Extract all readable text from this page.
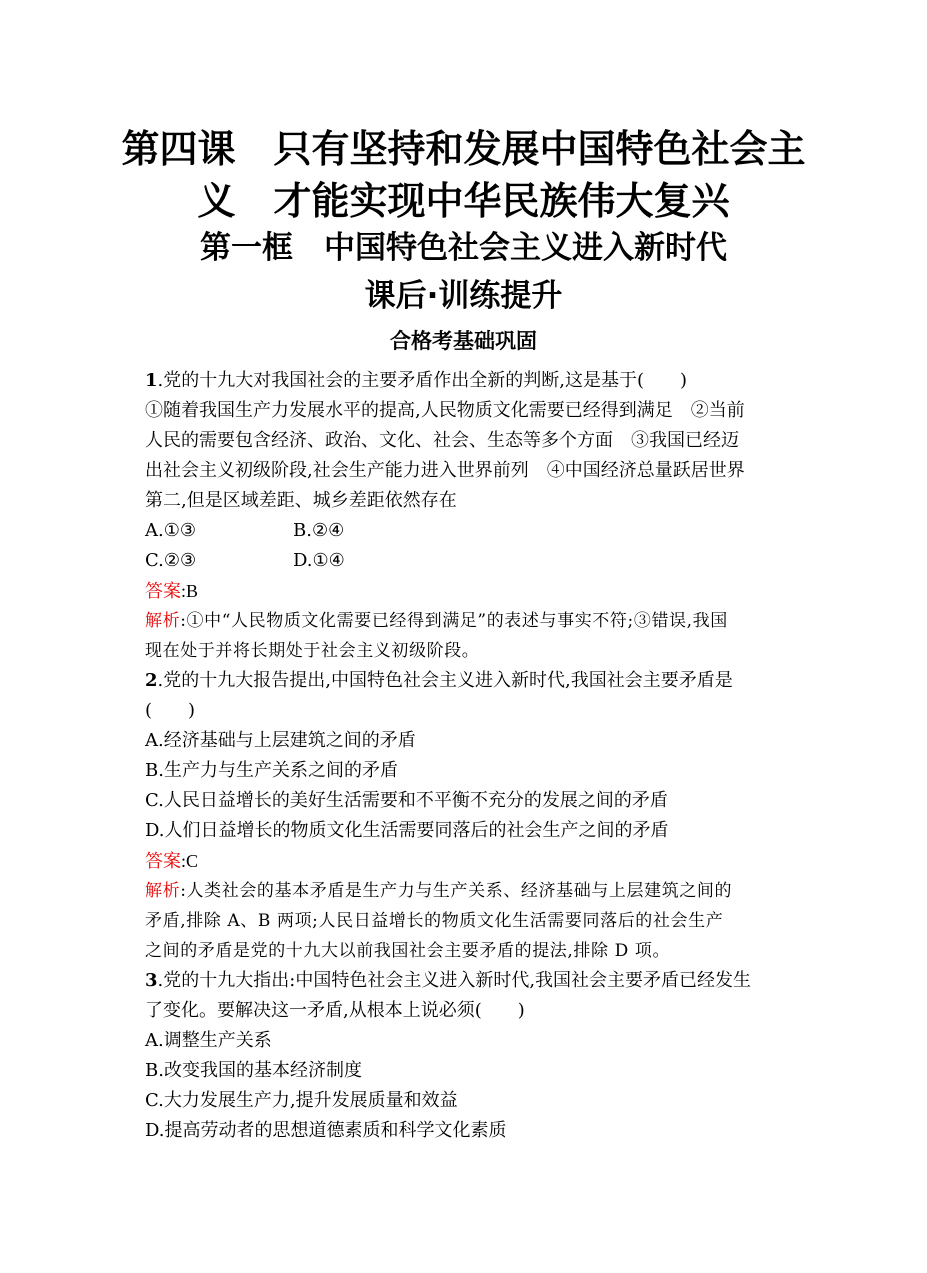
第四课　只有坚持和发展中国特色社会主
义　才能实现中华民族伟大复兴
第一框　中国特色社会主义进入新时代
课后·训练提升
合格考基础巩固
1.党的十九大对我国社会的主要矛盾作出全新的判断,这是基于(　　)
①随着我国生产力发展水平的提高,人民物质文化需要已经得到满足　②当前
人民的需要包含经济、政治、文化、社会、生态等多个方面　③我国已经迈
出社会主义初级阶段,社会生产能力进入世界前列　④中国经济总量跃居世界
第二,但是区域差距、城乡差距依然存在
A.①③	B.②④
C.②③	D.①④
答案:B
解析:①中“人民物质文化需要已经得到满足”的表述与事实不符;③错误,我国
现在处于并将长期处于社会主义初级阶段。
2.党的十九大报告提出,中国特色社会主义进入新时代,我国社会主要矛盾是
(　　)
A.经济基础与上层建筑之间的矛盾
B.生产力与生产关系之间的矛盾
C.人民日益增长的美好生活需要和不平衡不充分的发展之间的矛盾
D.人们日益增长的物质文化生活需要同落后的社会生产之间的矛盾
答案:C
解析:人类社会的基本矛盾是生产力与生产关系、经济基础与上层建筑之间的
矛盾,排除 A、B 两项;人民日益增长的物质文化生活需要同落后的社会生产
之间的矛盾是党的十九大以前我国社会主要矛盾的提法,排除 D 项。
3.党的十九大指出:中国特色社会主义进入新时代,我国社会主要矛盾已经发生
了变化。要解决这一矛盾,从根本上说必须(　　)
A.调整生产关系
B.改变我国的基本经济制度
C.大力发展生产力,提升发展质量和效益
D.提高劳动者的思想道德素质和科学文化素质
